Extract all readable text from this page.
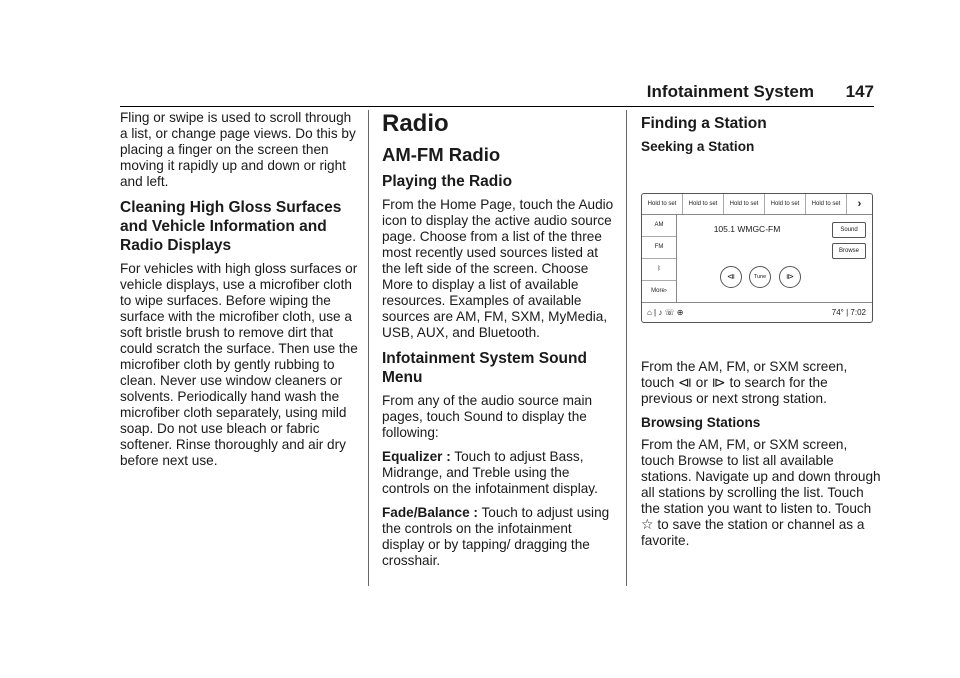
Infotainment System 147

Fling or swipe is used to scroll through a list, or change page views. Do this by placing a finger on the screen then moving it rapidly up and down or right and left.

Cleaning High Gloss Surfaces and Vehicle Information and Radio Displays

For vehicles with high gloss surfaces or vehicle displays, use a microfiber cloth to wipe surfaces. Before wiping the surface with the microfiber cloth, use a soft bristle brush to remove dirt that could scratch the surface. Then use the microfiber cloth by gently rubbing to clean. Never use window cleaners or solvents. Periodically hand wash the microfiber cloth separately, using mild soap. Do not use bleach or fabric softener. Rinse thoroughly and air dry before next use.

Radio
AM-FM Radio
Playing the Radio

From the Home Page, touch the Audio icon to display the active audio source page. Choose from a list of the three most recently used sources listed at the left side of the screen. Choose More to display a list of available resources. Examples of available sources are AM, FM, SXM, MyMedia, USB, AUX, and Bluetooth.

Infotainment System Sound Menu

From any of the audio source main pages, touch Sound to display the following:

Equalizer : Touch to adjust Bass, Midrange, and Treble using the controls on the infotainment display.

Fade/Balance : Touch to adjust using the controls on the infotainment display or by tapping/ dragging the crosshair.

Finding a Station
Seeking a Station
Hold to set	Hold to set	Hold to set	Hold to set	Hold to set	›
AM
FM
ᛒ
More›
105.1 WMGC-FM	Sound
Browse
⧏	Tune	⧐
⌂ | ♪ ☏ ⊕	74° | 7:02

From the AM, FM, or SXM screen, touch ⧏ or ⧐ to search for the previous or next strong station.

Browsing Stations

From the AM, FM, or SXM screen, touch Browse to list all available stations. Navigate up and down through all stations by scrolling the list. Touch the station you want to listen to. Touch ☆ to save the station or channel as a favorite.
